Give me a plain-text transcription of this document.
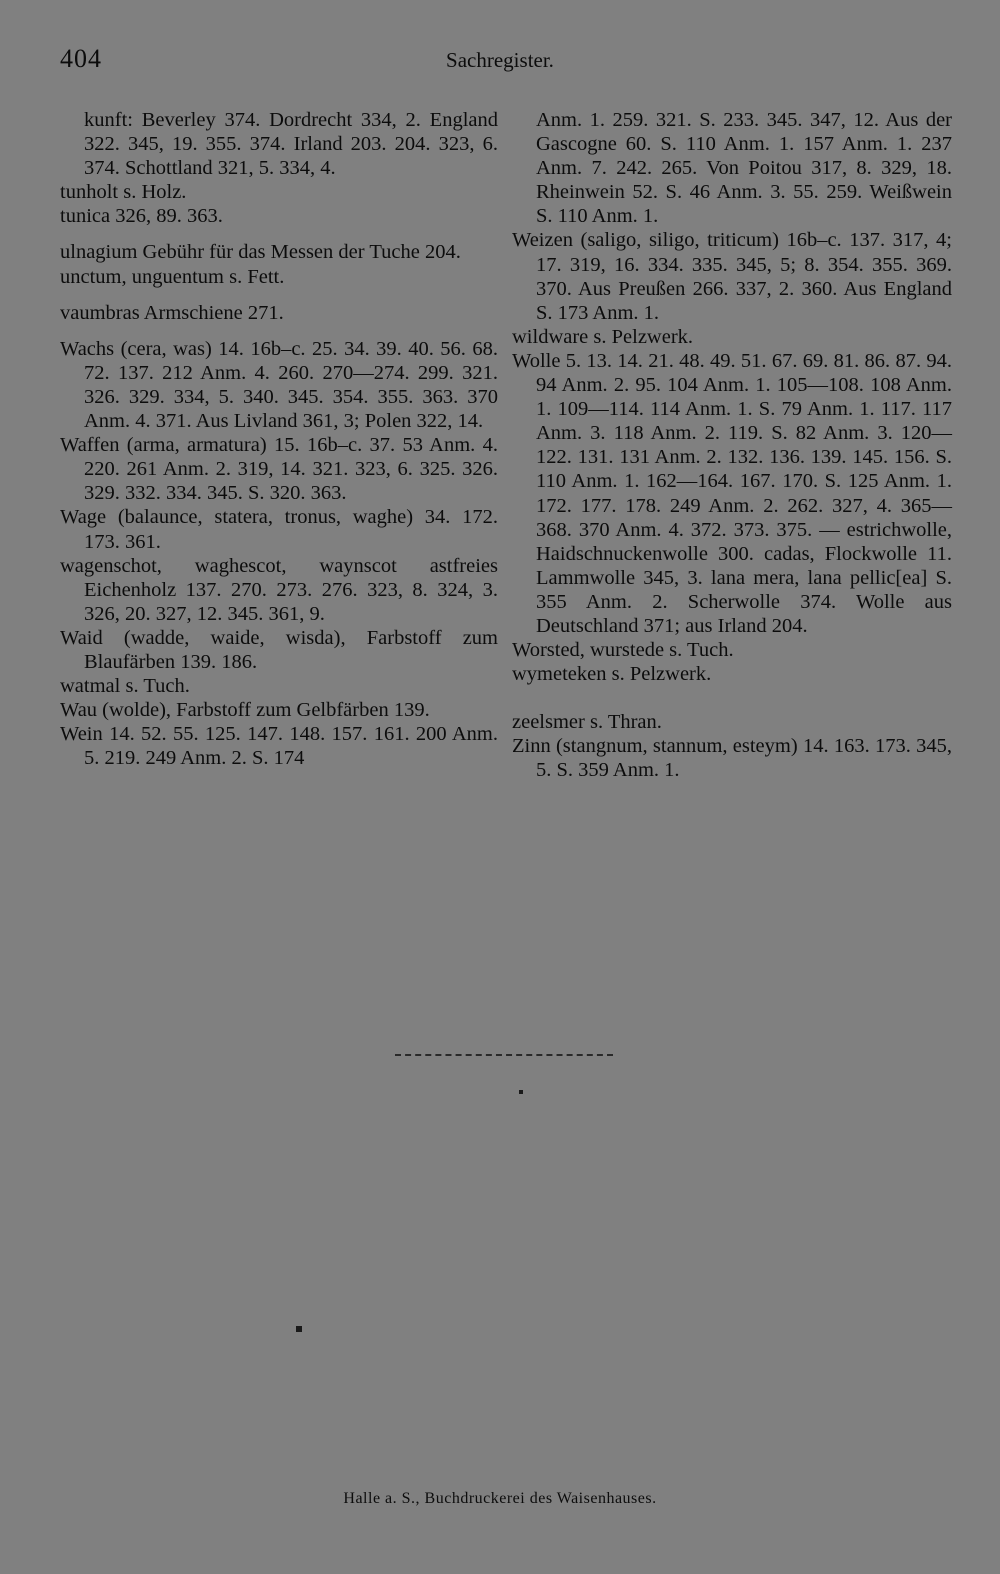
404	Sachregister.
kunft: Beverley 374. Dordrecht 334, 2. England 322. 345, 19. 355. 374. Irland 203. 204. 323, 6. 374. Schottland 321, 5. 334, 4.
tunholt s. Holz.
tunica 326, 89. 363.
ulnagium Gebühr für das Messen der Tuche 204.
unctum, unguentum s. Fett.
vaumbras Armschiene 271.
Wachs (cera, was) 14. 16b–c. 25. 34. 39. 40. 56. 68. 72. 137. 212 Anm. 4. 260. 270—274. 299. 321. 326. 329. 334, 5. 340. 345. 354. 355. 363. 370 Anm. 4. 371. Aus Livland 361, 3; Polen 322, 14.
Waffen (arma, armatura) 15. 16b–c. 37. 53 Anm. 4. 220. 261 Anm. 2. 319, 14. 321. 323, 6. 325. 326. 329. 332. 334. 345. S. 320. 363.
Wage (balaunce, statera, tronus, waghe) 34. 172. 173. 361.
wagenschot, waghescot, waynscot astfreies Eichenholz 137. 270. 273. 276. 323, 8. 324, 3. 326, 20. 327, 12. 345. 361, 9.
Waid (wadde, waide, wisda), Farbstoff zum Blaufärben 139. 186.
watmal s. Tuch.
Wau (wolde), Farbstoff zum Gelbfärben 139.
Wein 14. 52. 55. 125. 147. 148. 157. 161. 200 Anm. 5. 219. 249 Anm. 2. S. 174
Anm. 1. 259. 321. S. 233. 345. 347, 12. Aus der Gascogne 60. S. 110 Anm. 1. 157 Anm. 1. 237 Anm. 7. 242. 265. Von Poitou 317, 8. 329, 18. Rheinwein 52. S. 46 Anm. 3. 55. 259. Weißwein S. 110 Anm. 1.
Weizen (saligo, siligo, triticum) 16b–c. 137. 317, 4; 17. 319, 16. 334. 335. 345, 5; 8. 354. 355. 369. 370. Aus Preußen 266. 337, 2. 360. Aus England S. 173 Anm. 1.
wildware s. Pelzwerk.
Wolle 5. 13. 14. 21. 48. 49. 51. 67. 69. 81. 86. 87. 94. 94 Anm. 2. 95. 104 Anm. 1. 105—108. 108 Anm. 1. 109—114. 114 Anm. 1. S. 79 Anm. 1. 117. 117 Anm. 3. 118 Anm. 2. 119. S. 82 Anm. 3. 120—122. 131. 131 Anm. 2. 132. 136. 139. 145. 156. S. 110 Anm. 1. 162—164. 167. 170. S. 125 Anm. 1. 172. 177. 178. 249 Anm. 2. 262. 327, 4. 365—368. 370 Anm. 4. 372. 373. 375. — estrichwolle, Haidschnuckenwolle 300. cadas, Flockwolle 11. Lammwolle 345, 3. lana mera, lana pellic[ea] S. 355 Anm. 2. Scherwolle 374. Wolle aus Deutschland 371; aus Irland 204.
Worsted, wurstede s. Tuch.
wymeteken s. Pelzwerk.
zeelsmer s. Thran.
Zinn (stangnum, stannum, esteym) 14. 163. 173. 345, 5. S. 359 Anm. 1.
Halle a. S., Buchdruckerei des Waisenhauses.
